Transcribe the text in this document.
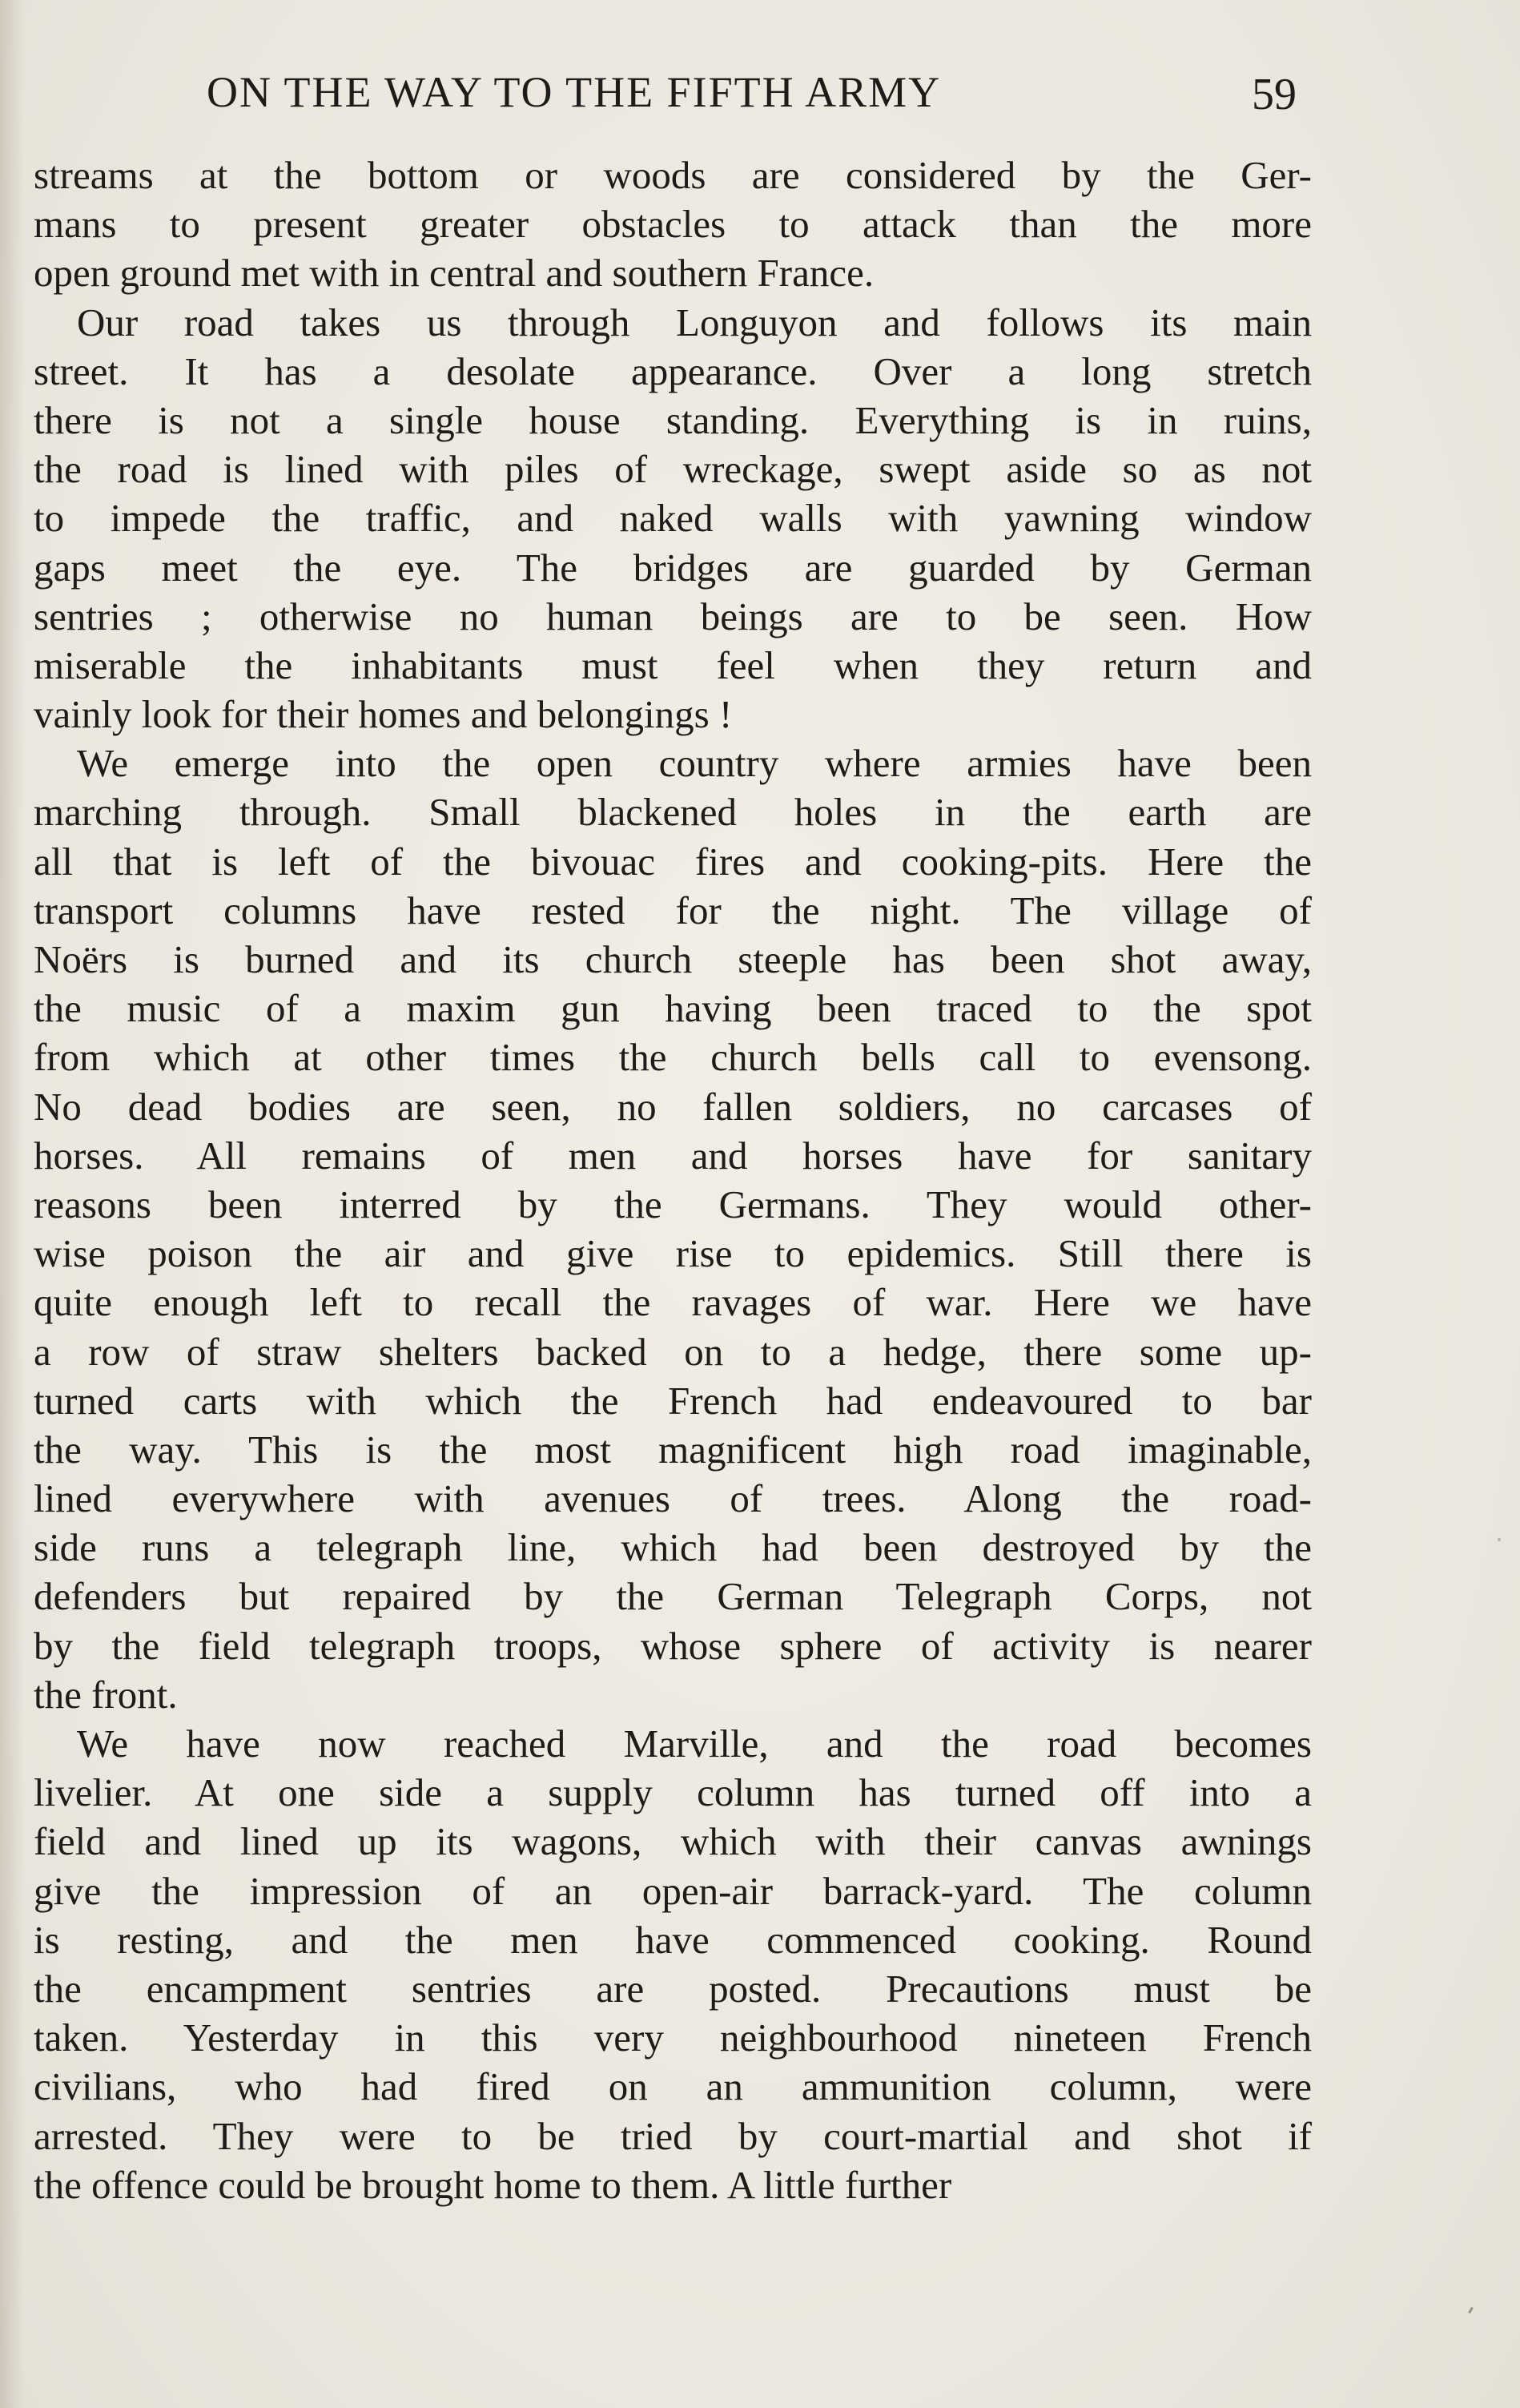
ON THE WAY TO THE FIFTH ARMY	59
streams at the bottom or woods are considered by the Ger-
mans to present greater obstacles to attack than the more
open ground met with in central and southern France.
Our road takes us through Longuyon and follows its main
street. It has a desolate appearance. Over a long stretch
there is not a single house standing. Everything is in ruins,
the road is lined with piles of wreckage, swept aside so as not
to impede the traffic, and naked walls with yawning window
gaps meet the eye. The bridges are guarded by German
sentries ; otherwise no human beings are to be seen. How
miserable the inhabitants must feel when they return and
vainly look for their homes and belongings !
We emerge into the open country where armies have been
marching through. Small blackened holes in the earth are
all that is left of the bivouac fires and cooking-pits. Here the
transport columns have rested for the night. The village of
Noërs is burned and its church steeple has been shot away,
the music of a maxim gun having been traced to the spot
from which at other times the church bells call to evensong.
No dead bodies are seen, no fallen soldiers, no carcases of
horses. All remains of men and horses have for sanitary
reasons been interred by the Germans. They would other-
wise poison the air and give rise to epidemics. Still there is
quite enough left to recall the ravages of war. Here we have
a row of straw shelters backed on to a hedge, there some up-
turned carts with which the French had endeavoured to bar
the way. This is the most magnificent high road imaginable,
lined everywhere with avenues of trees. Along the road-
side runs a telegraph line, which had been destroyed by the
defenders but repaired by the German Telegraph Corps, not
by the field telegraph troops, whose sphere of activity is nearer
the front.
We have now reached Marville, and the road becomes
livelier. At one side a supply column has turned off into a
field and lined up its wagons, which with their canvas awnings
give the impression of an open-air barrack-yard. The column
is resting, and the men have commenced cooking. Round
the encampment sentries are posted. Precautions must be
taken. Yesterday in this very neighbourhood nineteen French
civilians, who had fired on an ammunition column, were
arrested. They were to be tried by court-martial and shot if
the offence could be brought home to them. A little further
